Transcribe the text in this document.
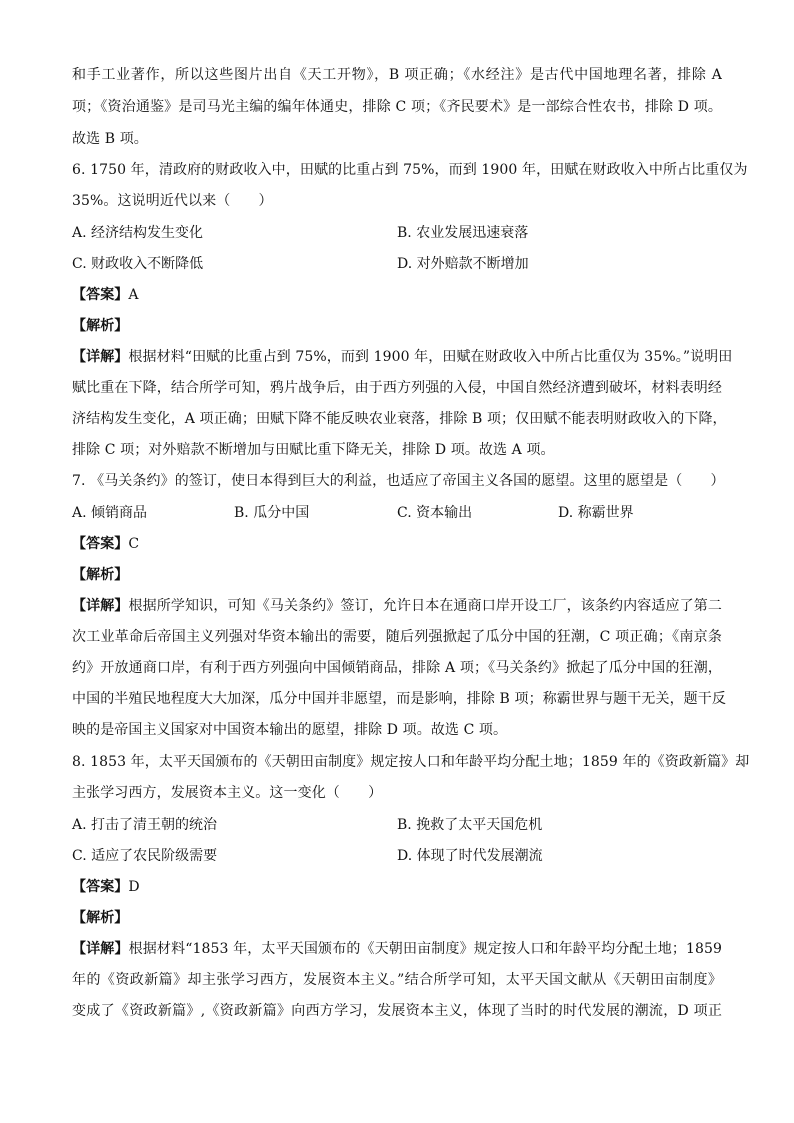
和手工业著作，所以这些图片出自《天工开物》，B 项正确；《水经注》是古代中国地理名著，排除 A
项；《资治通鉴》是司马光主编的编年体通史，排除 C 项；《齐民要术》是一部综合性农书，排除 D 项。
故选 B 项。
6. 1750 年，清政府的财政收入中，田赋的比重占到 75%，而到 1900 年，田赋在财政收入中所占比重仅为
35%。这说明近代以来（　　）
A. 经济结构发生变化	B. 农业发展迅速衰落
C. 财政收入不断降低	D. 对外赔款不断增加
【答案】A
【解析】
【详解】根据材料“田赋的比重占到 75%，而到 1900 年，田赋在财政收入中所占比重仅为 35%。”说明田
赋比重在下降，结合所学可知，鸦片战争后，由于西方列强的入侵，中国自然经济遭到破坏，材料表明经
济结构发生变化，A 项正确；田赋下降不能反映农业衰落，排除 B 项；仅田赋不能表明财政收入的下降，
排除 C 项；对外赔款不断增加与田赋比重下降无关，排除 D 项。故选 A 项。
7. 《马关条约》的签订，使日本得到巨大的利益，也适应了帝国主义各国的愿望。这里的愿望是（　　）
A. 倾销商品	B. 瓜分中国	C. 资本输出	D. 称霸世界
【答案】C
【解析】
【详解】根据所学知识，可知《马关条约》签订，允许日本在通商口岸开设工厂，该条约内容适应了第二
次工业革命后帝国主义列强对华资本输出的需要，随后列强掀起了瓜分中国的狂潮，C 项正确；《南京条
约》开放通商口岸，有利于西方列强向中国倾销商品，排除 A 项；《马关条约》掀起了瓜分中国的狂潮，
中国的半殖民地程度大大加深，瓜分中国并非愿望，而是影响，排除 B 项；称霸世界与题干无关，题干反
映的是帝国主义国家对中国资本输出的愿望，排除 D 项。故选 C 项。
8. 1853 年，太平天国颁布的《天朝田亩制度》规定按人口和年龄平均分配土地；1859 年的《资政新篇》却
主张学习西方，发展资本主义。这一变化（　　）
A. 打击了清王朝的统治	B. 挽救了太平天国危机
C. 适应了农民阶级需要	D. 体现了时代发展潮流
【答案】D
【解析】
【详解】根据材料“1853 年，太平天国颁布的《天朝田亩制度》规定按人口和年龄平均分配土地；1859
年的《资政新篇》却主张学习西方，发展资本主义。”结合所学可知，太平天国文献从《天朝田亩制度》
变成了《资政新篇》,《资政新篇》向西方学习，发展资本主义，体现了当时的时代发展的潮流，D 项正
